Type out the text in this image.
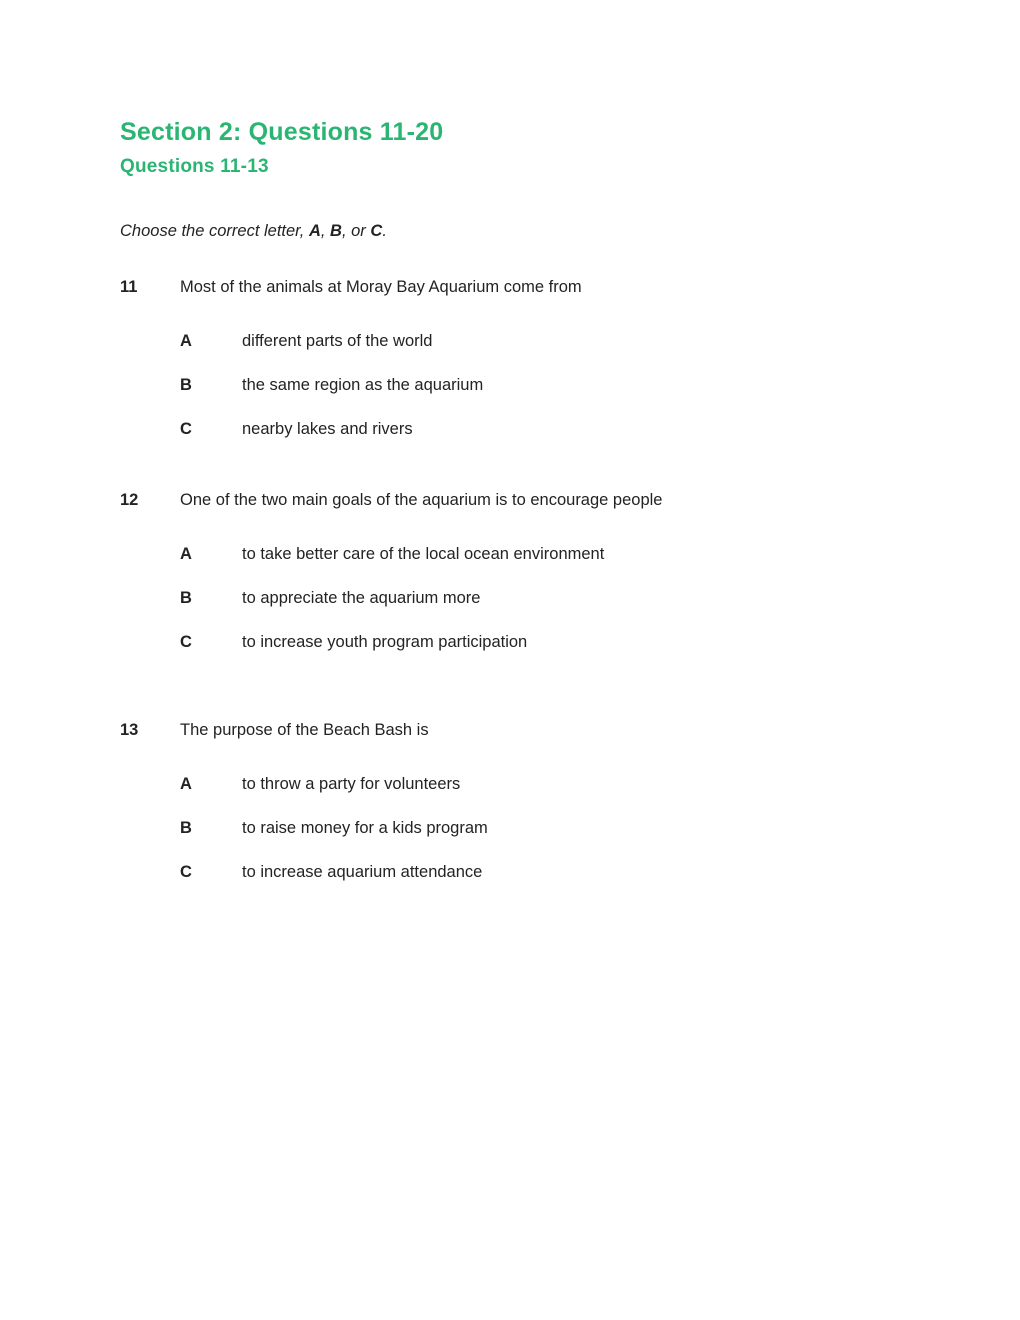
Section 2: Questions 11-20
Questions 11-13

Choose the correct letter, A, B, or C.

11	Most of the animals at Moray Bay Aquarium come from
A	different parts of the world
B	the same region as the aquarium
C	nearby lakes and rivers
12	One of the two main goals of the aquarium is to encourage people
A	to take better care of the local ocean environment
B	to appreciate the aquarium more
C	to increase youth program participation
13	The purpose of the Beach Bash is
A	to throw a party for volunteers
B	to raise money for a kids program
C	to increase aquarium attendance
